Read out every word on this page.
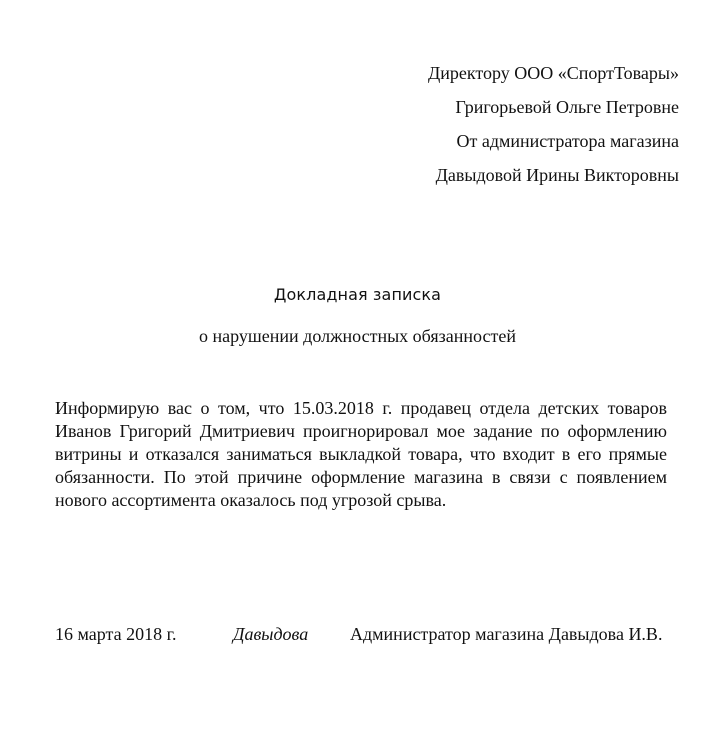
Директору ООО «СпортТовары»
Григорьевой Ольге Петровне
От администратора магазина
Давыдовой Ирины Викторовны
Докладная записка
о нарушении должностных обязанностей
Информирую вас о том, что 15.03.2018 г. продавец отдела детских товаров Иванов Григорий Дмитриевич проигнорировал мое задание по оформлению витрины и отказался заниматься выкладкой товара, что входит в его прямые обязанности. По этой причине оформление магазина в связи с появлением нового ассортимента оказалось под угрозой срыва.
16 марта 2018 г.	Давыдова Администратор магазина Давыдова И.В.
